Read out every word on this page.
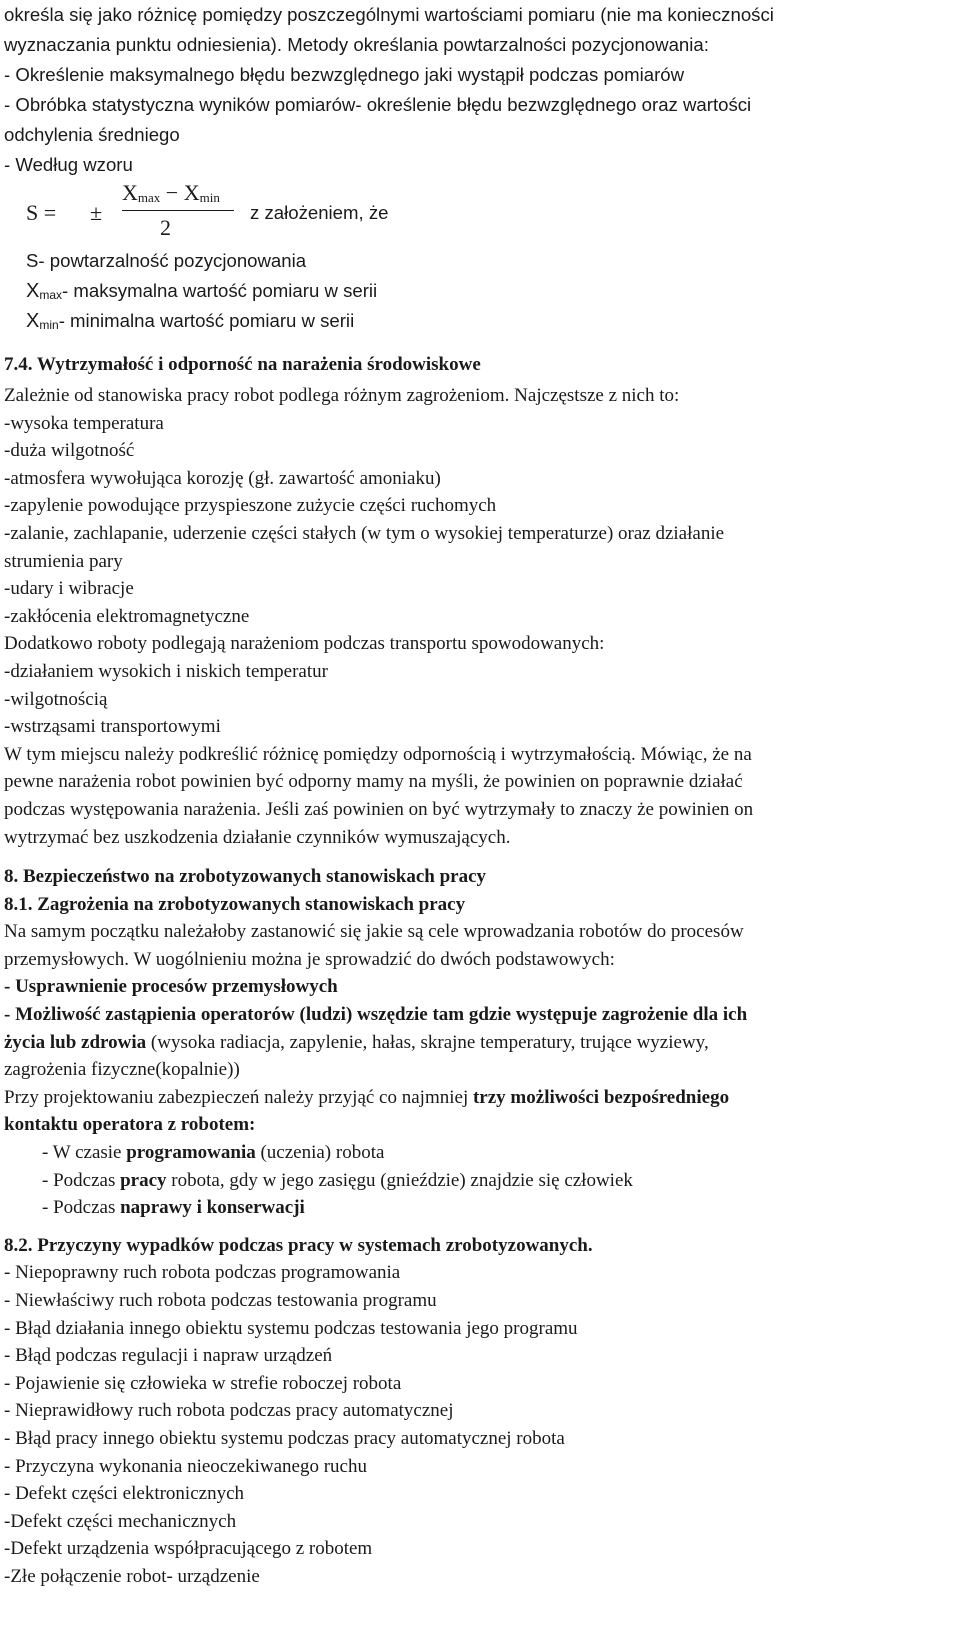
określa się jako różnicę pomiędzy poszczególnymi wartościami pomiaru (nie ma konieczności
wyznaczania punktu odniesienia). Metody określania powtarzalności pozycjonowania:
- Określenie maksymalnego błędu bezwzględnego jaki wystąpił podczas pomiarów
- Obróbka statystyczna wyników pomiarów- określenie błędu bezwzględnego oraz wartości
odchylenia średniego
- Według wzoru
S = ±
$X_{max} - X_{min}$
2
z założeniem, że
S- powtarzalność pozycjonowania
$X_{max}-$ maksymalna wartość pomiaru w serii
$X_{min}-$ minimalna wartość pomiaru w serii
7.4. Wytrzymałość i odporność na narażenia środowiskowe
Zależnie od stanowiska pracy robot podlega różnym zagrożeniom. Najczęstsze z nich to:
-wysoka temperatura
-duża wilgotność
-atmosfera wywołująca korozję (gł. zawartość amoniaku)
-zapylenie powodujące przyspieszone zużycie części ruchomych
-zalanie, zachlapanie, uderzenie części stałych (w tym o wysokiej temperaturze) oraz działanie
strumienia pary
-udary i wibracje
-zakłócenia elektromagnetyczne
Dodatkowo roboty podlegają narażeniom podczas transportu spowodowanych:
-działaniem wysokich i niskich temperatur
-wilgotnością
-wstrząsami transportowymi
W tym miejscu należy podkreślić różnicę pomiędzy odpornością i wytrzymałością. Mówiąc, że na
pewne narażenia robot powinien być odporny mamy na myśli, że powinien on poprawnie działać
podczas występowania narażenia. Jeśli zaś powinien on być wytrzymały to znaczy że powinien on
wytrzymać bez uszkodzenia działanie czynników wymuszających.
8. Bezpieczeństwo na zrobotyzowanych stanowiskach pracy
8.1. Zagrożenia na zrobotyzowanych stanowiskach pracy
Na samym początku należałoby zastanowić się jakie są cele wprowadzania robotów do procesów
przemysłowych. W uogólnieniu można je sprowadzić do dwóch podstawowych:
- Usprawnienie procesów przemysłowych
- Możliwość zastąpienia operatorów (ludzi) wszędzie tam gdzie występuje zagrożenie dla ich
życia lub zdrowia (wysoka radiacja, zapylenie, hałas, skrajne temperatury, trujące wyziewy,
zagrożenia fizyczne(kopalnie))
Przy projektowaniu zabezpieczeń należy przyjąć co najmniej trzy możliwości bezpośredniego
kontaktu operatora z robotem:
- W czasie programowania (uczenia) robota
- Podczas pracy robota, gdy w jego zasięgu (gnieździe) znajdzie się człowiek
- Podczas naprawy i konserwacji
8.2. Przyczyny wypadków podczas pracy w systemach zrobotyzowanych.
- Niepoprawny ruch robota podczas programowania
- Niewłaściwy ruch robota podczas testowania programu
- Błąd działania innego obiektu systemu podczas testowania jego programu
- Błąd podczas regulacji i napraw urządzeń
- Pojawienie się człowieka w strefie roboczej robota
- Nieprawidłowy ruch robota podczas pracy automatycznej
- Błąd pracy innego obiektu systemu podczas pracy automatycznej robota
- Przyczyna wykonania nieoczekiwanego ruchu
- Defekt części elektronicznych
-Defekt części mechanicznych
-Defekt urządzenia współpracującego z robotem
-Złe połączenie robot- urządzenie
